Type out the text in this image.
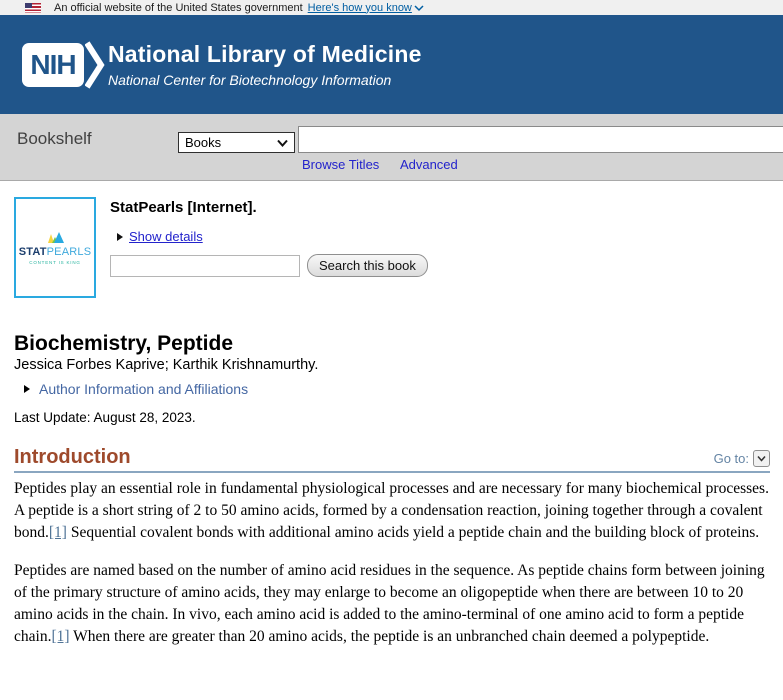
An official website of the United States government Here's how you know
NIH	National Library of Medicine
National Center for Biotechnology Information
Bookshelf	Books
Browse Titles Advanced
STATPEARLS
CONTENT IS KING
StatPearls [Internet].
Show details
Search this book
Biochemistry, Peptide
Jessica Forbes Kaprive; Karthik Krishnamurthy.
Author Information and Affiliations
Last Update: August 28, 2023.
Introduction	Go to:

Peptides play an essential role in fundamental physiological processes and are necessary for many biochemical processes. A peptide is a short string of 2 to 50 amino acids, formed by a condensation reaction, joining together through a covalent bond.[1] Sequential covalent bonds with additional amino acids yield a peptide chain and the building block of proteins.

Peptides are named based on the number of amino acid residues in the sequence. As peptide chains form between joining of the primary structure of amino acids, they may enlarge to become an oligopeptide when there are between 10 to 20 amino acids in the chain. In vivo, each amino acid is added to the amino-terminal of one amino acid to form a peptide chain.[1] When there are greater than 20 amino acids, the peptide is an unbranched chain deemed a polypeptide.
